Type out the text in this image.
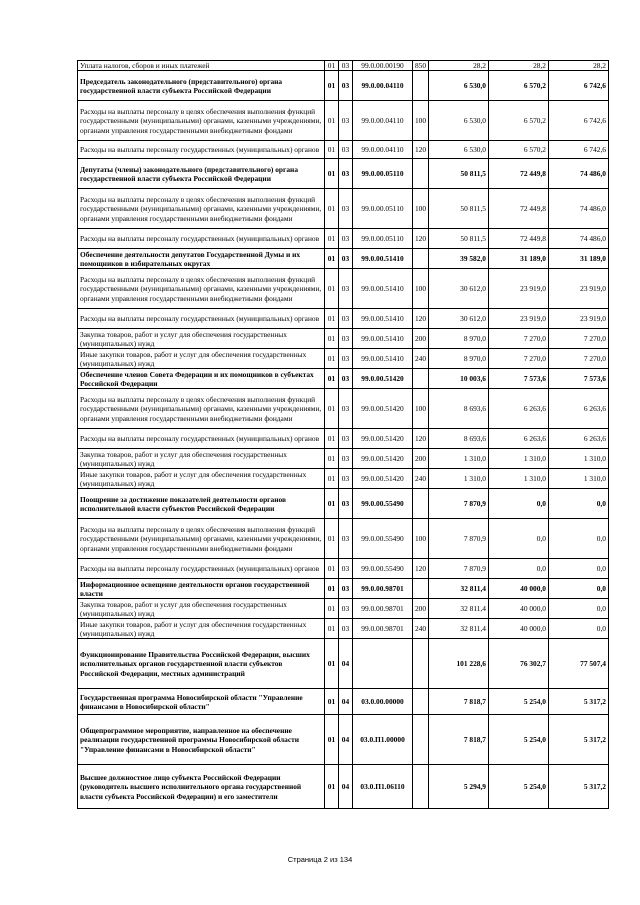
Уплата налогов, сборов и иных платежей	01	03	99.0.00.00190	850	28,2	28,2	28,2
Председатель законодательного (представительного) органа государственной власти субъекта Российской Федерации	01	03	99.0.00.04110		6 530,0	6 570,2	6 742,6
Расходы на выплаты персоналу в целях обеспечения выполнения функций государственными (муниципальными) органами, казенными учреждениями, органами управления государственными внебюджетными фондами	01	03	99.0.00.04110	100	6 530,0	6 570,2	6 742,6
Расходы на выплаты персоналу государственных (муниципальных) органов	01	03	99.0.00.04110	120	6 530,0	6 570,2	6 742,6
Депутаты (члены) законодательного (представительного) органа государственной власти субъекта Российской Федерации	01	03	99.0.00.05110		50 811,5	72 449,8	74 486,0
Расходы на выплаты персоналу в целях обеспечения выполнения функций государственными (муниципальными) органами, казенными учреждениями, органами управления государственными внебюджетными фондами	01	03	99.0.00.05110	100	50 811,5	72 449,8	74 486,0
Расходы на выплаты персоналу государственных (муниципальных) органов	01	03	99.0.00.05110	120	50 811,5	72 449,8	74 486,0
Обеспечение деятельности депутатов Государственной Думы и их помощников в избирательных округах	01	03	99.0.00.51410		39 582,0	31 189,0	31 189,0
Расходы на выплаты персоналу в целях обеспечения выполнения функций государственными (муниципальными) органами, казенными учреждениями, органами управления государственными внебюджетными фондами	01	03	99.0.00.51410	100	30 612,0	23 919,0	23 919,0
Расходы на выплаты персоналу государственных (муниципальных) органов	01	03	99.0.00.51410	120	30 612,0	23 919,0	23 919,0
Закупка товаров, работ и услуг для обеспечения государственных (муниципальных) нужд	01	03	99.0.00.51410	200	8 970,0	7 270,0	7 270,0
Иные закупки товаров, работ и услуг для обеспечения государственных (муниципальных) нужд	01	03	99.0.00.51410	240	8 970,0	7 270,0	7 270,0
Обеспечение членов Совета Федерации и их помощников в субъектах Российской Федерации	01	03	99.0.00.51420		10 003,6	7 573,6	7 573,6
Расходы на выплаты персоналу в целях обеспечения выполнения функций государственными (муниципальными) органами, казенными учреждениями, органами управления государственными внебюджетными фондами	01	03	99.0.00.51420	100	8 693,6	6 263,6	6 263,6
Расходы на выплаты персоналу государственных (муниципальных) органов	01	03	99.0.00.51420	120	8 693,6	6 263,6	6 263,6
Закупка товаров, работ и услуг для обеспечения государственных (муниципальных) нужд	01	03	99.0.00.51420	200	1 310,0	1 310,0	1 310,0
Иные закупки товаров, работ и услуг для обеспечения государственных (муниципальных) нужд	01	03	99.0.00.51420	240	1 310,0	1 310,0	1 310,0
Поощрение за достижение показателей деятельности органов исполнительной власти субъектов Российской Федерации	01	03	99.0.00.55490		7 870,9	0,0	0,0
Расходы на выплаты персоналу в целях обеспечения выполнения функций государственными (муниципальными) органами, казенными учреждениями, органами управления государственными внебюджетными фондами	01	03	99.0.00.55490	100	7 870,9	0,0	0,0
Расходы на выплаты персоналу государственных (муниципальных) органов	01	03	99.0.00.55490	120	7 870,9	0,0	0,0
Информационное освещение деятельности органов государственной власти	01	03	99.0.00.98701		32 811,4	40 000,0	0,0
Закупка товаров, работ и услуг для обеспечения государственных (муниципальных) нужд	01	03	99.0.00.98701	200	32 811,4	40 000,0	0,0
Иные закупки товаров, работ и услуг для обеспечения государственных (муниципальных) нужд	01	03	99.0.00.98701	240	32 811,4	40 000,0	0,0
Функционирование Правительства Российской Федерации, высших исполнительных органов государственной власти субъектов Российской Федерации, местных администраций	01	04			101 228,6	76 302,7	77 507,4
Государственная программа Новосибирской области "Управление финансами в Новосибирской области"	01	04	03.0.00.00000		7 818,7	5 254,0	5 317,2
Общепрограммное мероприятие, направленное на обеспечение реализации государственной программы Новосибирской области "Управление финансами в Новосибирской области"	01	04	03.0.П1.00000		7 818,7	5 254,0	5 317,2
Высшее должностное лицо субъекта Российской Федерации (руководитель высшего исполнительного органа государственной власти субъекта Российской Федерации) и его заместители	01	04	03.0.П1.06110		5 294,9	5 254,0	5 317,2
Страница 2 из 134
